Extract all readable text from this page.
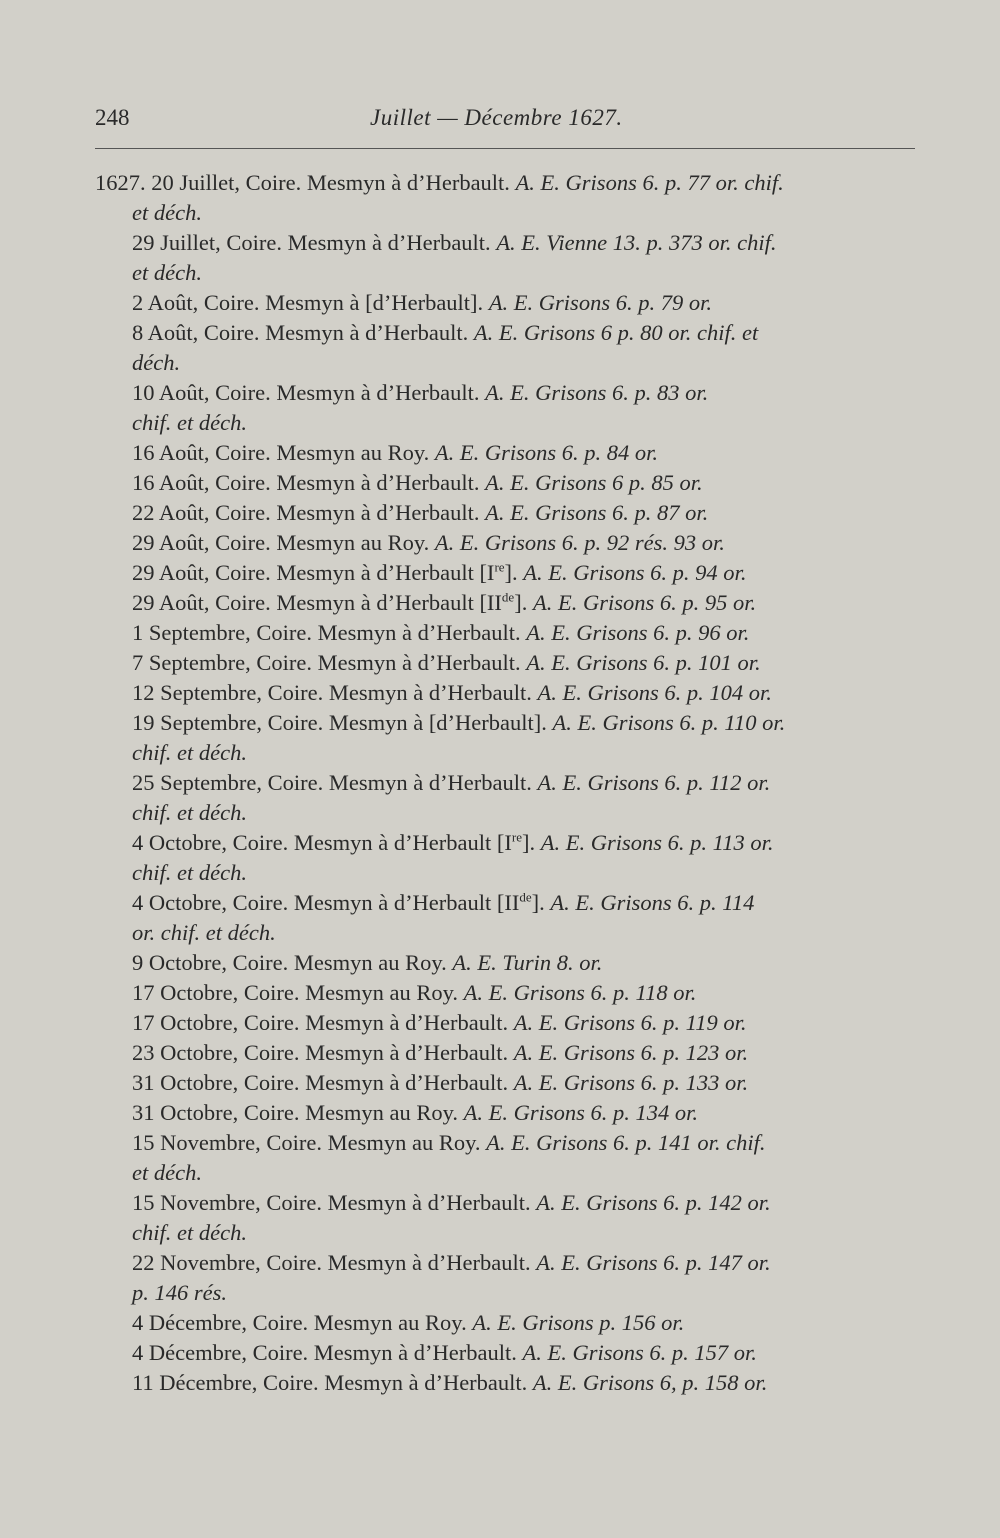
248	Juillet — Décembre 1627.
1627. 20 Juillet, Coire. Mesmyn à d’Herbault. A. E. Grisons 6. p. 77 or. chif.
et déch.
29 Juillet, Coire. Mesmyn à d’Herbault. A. E. Vienne 13. p. 373 or. chif.
et déch.
2 Août, Coire. Mesmyn à [d’Herbault]. A. E. Grisons 6. p. 79 or.
8 Août, Coire. Mesmyn à d’Herbault. A. E. Grisons 6 p. 80 or. chif. et
déch.
10 Août, Coire. Mesmyn à d’Herbault. A. E. Grisons 6. p. 83 or.
chif. et déch.
16 Août, Coire. Mesmyn au Roy. A. E. Grisons 6. p. 84 or.
16 Août, Coire. Mesmyn à d’Herbault. A. E. Grisons 6 p. 85 or.
22 Août, Coire. Mesmyn à d’Herbault. A. E. Grisons 6. p. 87 or.
29 Août, Coire. Mesmyn au Roy. A. E. Grisons 6. p. 92 rés. 93 or.
29 Août, Coire. Mesmyn à d’Herbault [Ire]. A. E. Grisons 6. p. 94 or.
29 Août, Coire. Mesmyn à d’Herbault [IIde]. A. E. Grisons 6. p. 95 or.
1 Septembre, Coire. Mesmyn à d’Herbault. A. E. Grisons 6. p. 96 or.
7 Septembre, Coire. Mesmyn à d’Herbault. A. E. Grisons 6. p. 101 or.
12 Septembre, Coire. Mesmyn à d’Herbault. A. E. Grisons 6. p. 104 or.
19 Septembre, Coire. Mesmyn à [d’Herbault]. A. E. Grisons 6. p. 110 or.
chif. et déch.
25 Septembre, Coire. Mesmyn à d’Herbault. A. E. Grisons 6. p. 112 or.
chif. et déch.
4 Octobre, Coire. Mesmyn à d’Herbault [Ire]. A. E. Grisons 6. p. 113 or.
chif. et déch.
4 Octobre, Coire. Mesmyn à d’Herbault [IIde]. A. E. Grisons 6. p. 114
or. chif. et déch.
9 Octobre, Coire. Mesmyn au Roy. A. E. Turin 8. or.
17 Octobre, Coire. Mesmyn au Roy. A. E. Grisons 6. p. 118 or.
17 Octobre, Coire. Mesmyn à d’Herbault. A. E. Grisons 6. p. 119 or.
23 Octobre, Coire. Mesmyn à d’Herbault. A. E. Grisons 6. p. 123 or.
31 Octobre, Coire. Mesmyn à d’Herbault. A. E. Grisons 6. p. 133 or.
31 Octobre, Coire. Mesmyn au Roy. A. E. Grisons 6. p. 134 or.
15 Novembre, Coire. Mesmyn au Roy. A. E. Grisons 6. p. 141 or. chif.
et déch.
15 Novembre, Coire. Mesmyn à d’Herbault. A. E. Grisons 6. p. 142 or.
chif. et déch.
22 Novembre, Coire. Mesmyn à d’Herbault. A. E. Grisons 6. p. 147 or.
p. 146 rés.
4 Décembre, Coire. Mesmyn au Roy. A. E. Grisons p. 156 or.
4 Décembre, Coire. Mesmyn à d’Herbault. A. E. Grisons 6. p. 157 or.
11 Décembre, Coire. Mesmyn à d’Herbault. A. E. Grisons 6, p. 158 or.
